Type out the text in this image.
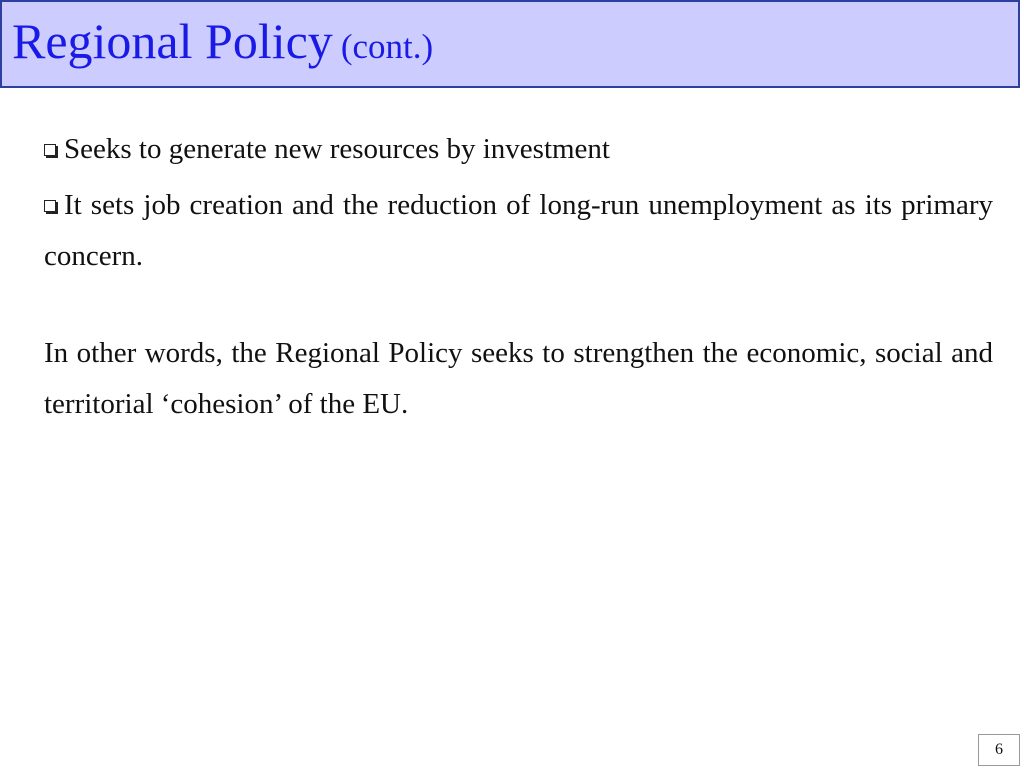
Regional Policy (cont.)

Seeks to generate new resources by investment

It sets job creation and the reduction of long-run unemployment as its primary concern.

In other words, the Regional Policy seeks to strengthen the economic, social and territorial ‘cohesion’ of the EU.

6
